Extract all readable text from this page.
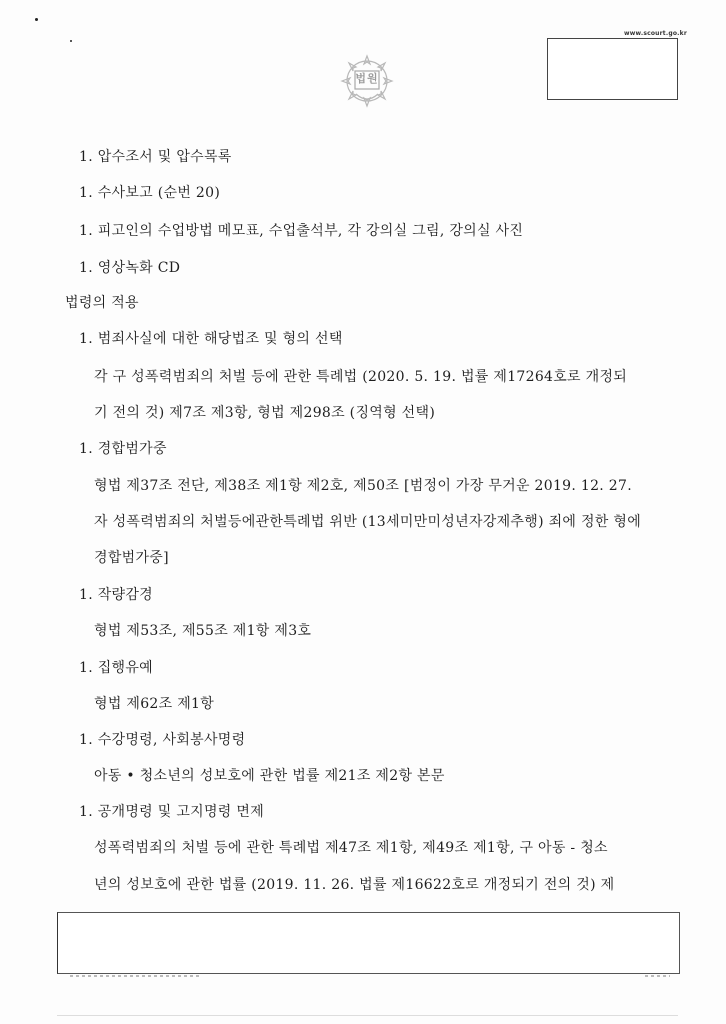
www.scourt.go.kr
법원
1. 압수조서 및 압수목록
1. 수사보고 (순번 20)
1. 피고인의 수업방법 메모표, 수업출석부, 각 강의실 그림, 강의실 사진
1. 영상녹화 CD
법령의 적용
1. 범죄사실에 대한 해당법조 및 형의 선택
각 구 성폭력범죄의 처벌 등에 관한 특례법 (2020. 5. 19. 법률 제17264호로 개정되
기 전의 것) 제7조 제3항, 형법 제298조 (징역형 선택)
1. 경합범가중
형법 제37조 전단, 제38조 제1항 제2호, 제50조 [범정이 가장 무거운 2019. 12. 27.
자 성폭력범죄의 처벌등에관한특례법 위반 (13세미만미성년자강제추행) 죄에 정한 형에
경합범가중]
1. 작량감경
형법 제53조, 제55조 제1항 제3호
1. 집행유예
형법 제62조 제1항
1. 수강명령, 사회봉사명령
아동 • 청소년의 성보호에 관한 법률 제21조 제2항 본문
1. 공개명령 및 고지명령 면제
성폭력범죄의 처벌 등에 관한 특례법 제47조 제1항, 제49조 제1항, 구 아동 - 청소
년의 성보호에 관한 법률 (2019. 11. 26. 법률 제16622호로 개정되기 전의 것) 제
